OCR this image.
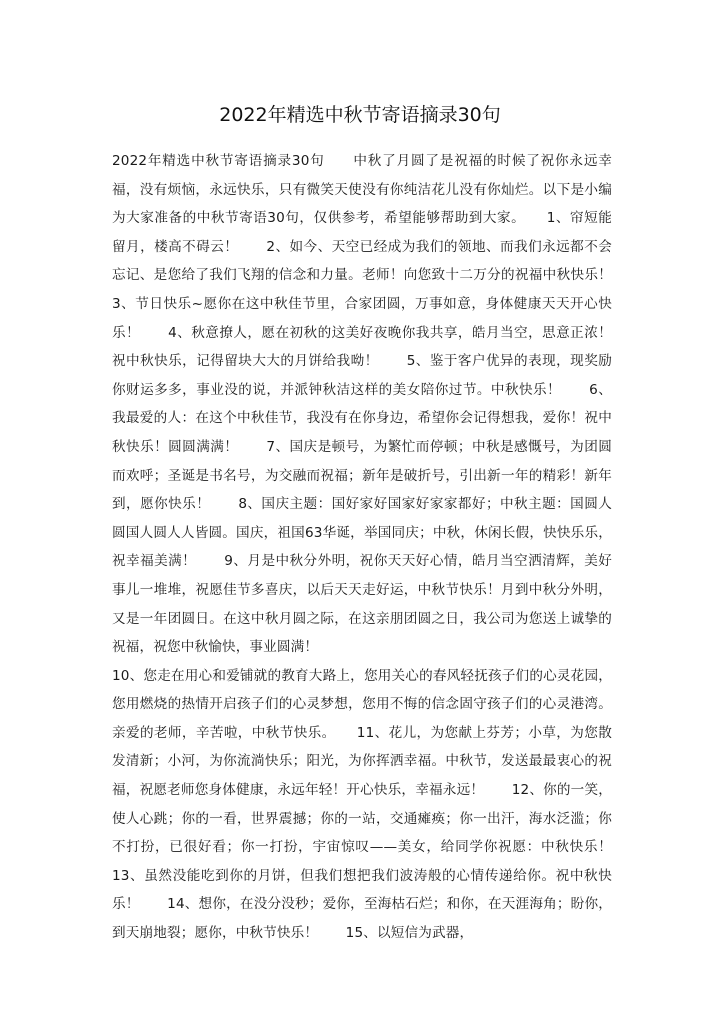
2022年精选中秋节寄语摘录30句

2022年精选中秋节寄语摘录30句　　中秋了月圆了是祝福的时候了祝你永远幸福，没有烦恼，永远快乐，只有微笑天使没有你纯洁花儿没有你灿烂。以下是小编为大家准备的中秋节寄语30句，仅供参考，希望能够帮助到大家。　　1、帘短能留月，楼高不碍云！　　2、如今、天空已经成为我们的领地、而我们永远都不会忘记、是您给了我们飞翔的信念和力量。老师！向您致十二万分的祝福中秋快乐！　　3、节日快乐~愿你在这中秋佳节里，合家团圆，万事如意，身体健康天天开心快乐！　　4、秋意撩人，愿在初秋的这美好夜晚你我共享，皓月当空，思意正浓！祝中秋快乐，记得留块大大的月饼给我呦！　　5、鉴于客户优异的表现，现奖励你财运多多，事业没的说，并派钟秋洁这样的美女陪你过节。中秋快乐！　　6、我最爱的人：在这个中秋佳节，我没有在你身边，希望你会记得想我，爱你！祝中秋快乐！圆圆满满！　　7、国庆是顿号，为繁忙而停顿；中秋是感慨号，为团圆而欢呼；圣诞是书名号，为交融而祝福；新年是破折号，引出新一年的精彩！新年到，愿你快乐！　　8、国庆主题：国好家好国家好家家都好；中秋主题：国圆人圆国人圆人人皆圆。国庆，祖国63华诞，举国同庆；中秋，休闲长假，快快乐乐，祝幸福美满！　　9、月是中秋分外明，祝你天天好心情，皓月当空洒清辉，美好事儿一堆堆，祝愿佳节多喜庆，以后天天走好运，中秋节快乐！月到中秋分外明，又是一年团圆日。在这中秋月圆之际，在这亲朋团圆之日，我公司为您送上诚挚的祝福，祝您中秋愉快，事业圆满！
10、您走在用心和爱铺就的教育大路上，您用关心的春风轻抚孩子们的心灵花园，您用燃烧的热情开启孩子们的心灵梦想，您用不悔的信念固守孩子们的心灵港湾。亲爱的老师，辛苦啦，中秋节快乐。　　11、花儿，为您献上芬芳；小草，为您散发清新；小河，为你流淌快乐；阳光，为你挥洒幸福。中秋节，发送最最衷心的祝福，祝愿老师您身体健康，永远年轻！开心快乐，幸福永远！　　12、你的一笑，使人心跳；你的一看，世界震撼；你的一站，交通瘫痪；你一出汗，海水泛滥；你不打扮，已很好看；你一打扮，宇宙惊叹——美女，给同学你祝愿：中秋快乐！　　13、虽然没能吃到你的月饼，但我们想把我们波涛般的心情传递给你。祝中秋快乐！　　14、想你，在没分没秒；爱你，至海枯石烂；和你，在天涯海角；盼你，到天崩地裂；愿你，中秋节快乐！　　15、以短信为武器，
